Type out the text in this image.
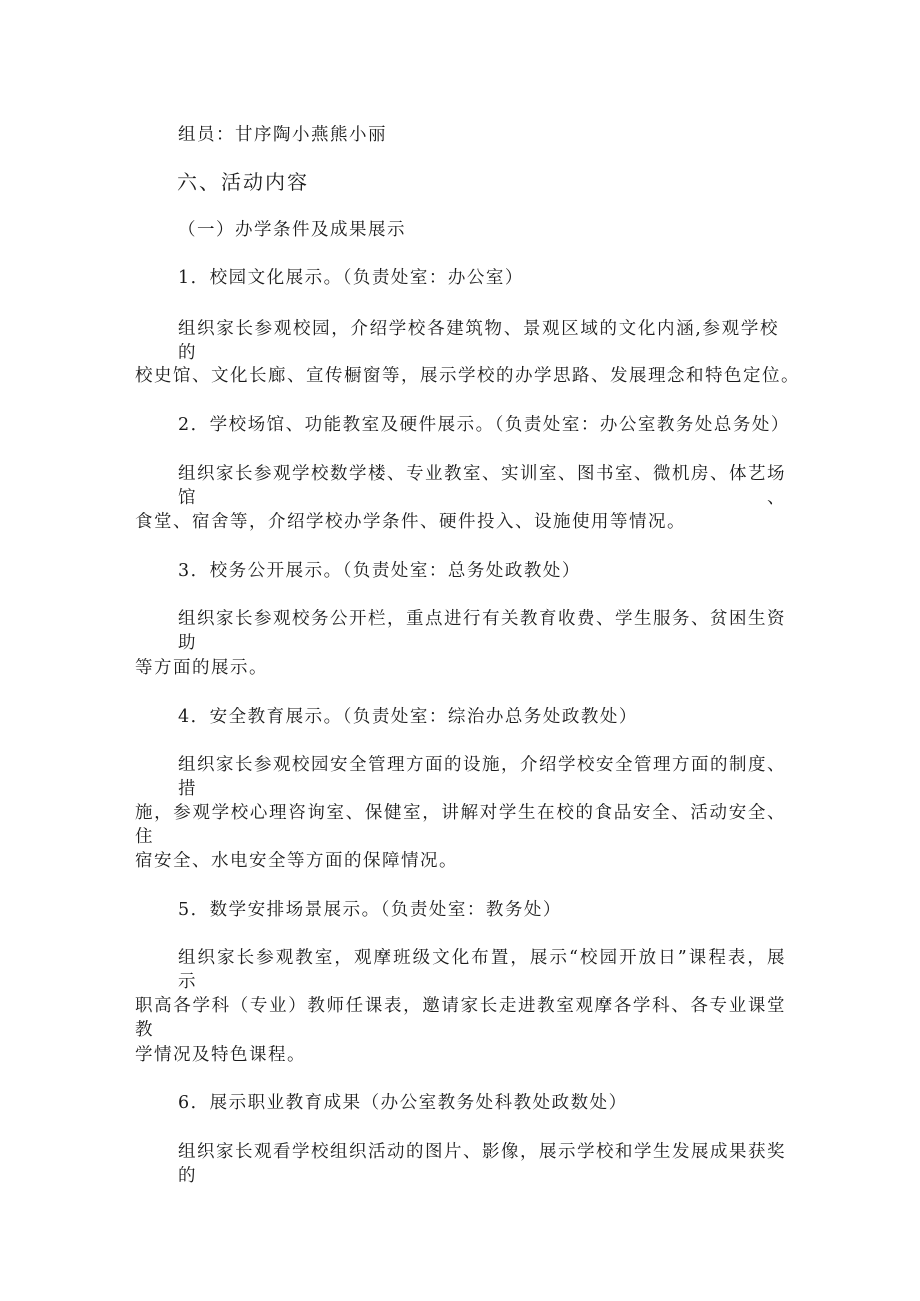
组员：甘序陶小燕熊小丽
六、活动内容
（一）办学条件及成果展示
1．校园文化展示。（负责处室：办公室）
组织家长参观校园，介绍学校各建筑物、景观区域的文化内涵,参观学校的
校史馆、文化长廊、宣传橱窗等，展示学校的办学思路、发展理念和特色定位。
2．学校场馆、功能教室及硬件展示。（负责处室：办公室教务处总务处）
组织家长参观学校数学楼、专业教室、实训室、图书室、微机房、体艺场馆、
食堂、宿舍等，介绍学校办学条件、硬件投入、设施使用等情况。
3．校务公开展示。（负责处室：总务处政教处）
组织家长参观校务公开栏，重点进行有关教育收费、学生服务、贫困生资助
等方面的展示。
4．安全教育展示。（负责处室：综治办总务处政教处）
组织家长参观校园安全管理方面的设施，介绍学校安全管理方面的制度、措
施，参观学校心理咨询室、保健室，讲解对学生在校的食品安全、活动安全、住
宿安全、水电安全等方面的保障情况。
5．数学安排场景展示。（负责处室：教务处）
组织家长参观教室，观摩班级文化布置，展示“校园开放日”课程表，展示
职高各学科（专业）教师任课表，邀请家长走进教室观摩各学科、各专业课堂教
学情况及特色课程。
6．展示职业教育成果（办公室教务处科教处政数处）
组织家长观看学校组织活动的图片、影像，展示学校和学生发展成果获奖的
